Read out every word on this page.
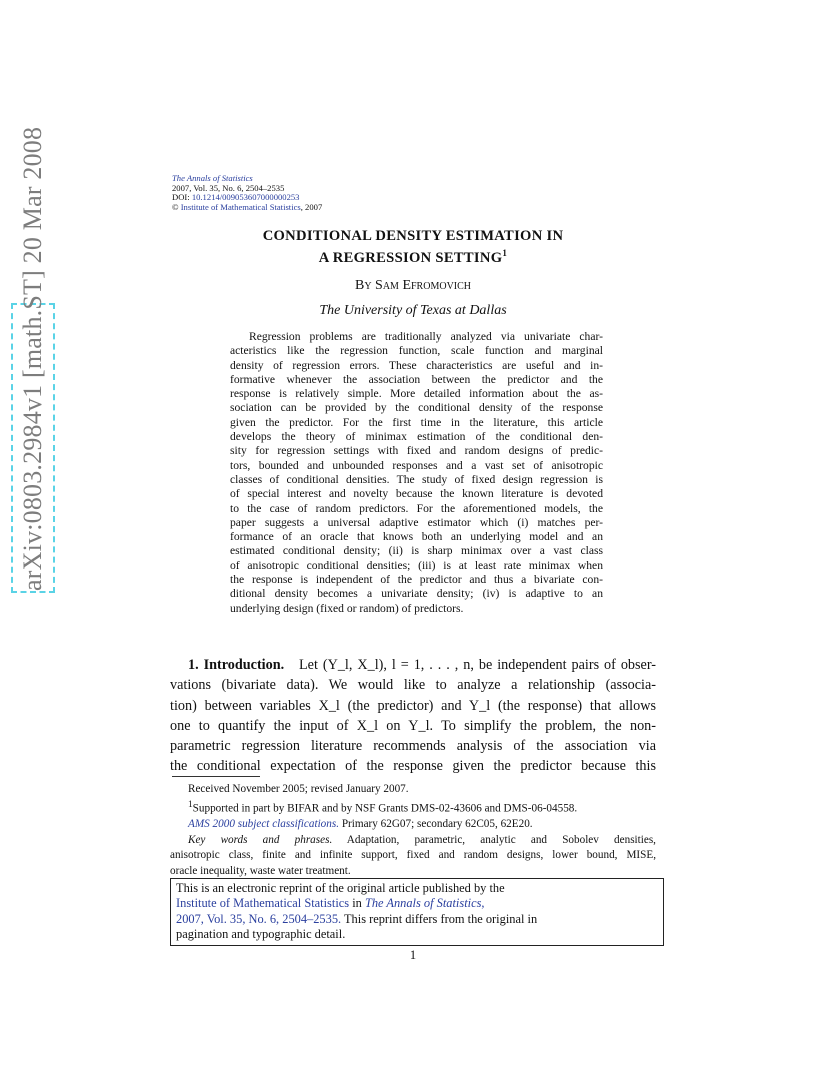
arXiv:0803.2984v1 [math.ST] 20 Mar 2008	The Annals of Statistics
2007, Vol. 35, No. 6, 2504–2535
DOI: 10.1214/009053607000000253
© Institute of Mathematical Statistics, 2007
CONDITIONAL DENSITY ESTIMATION IN
A REGRESSION SETTING$^1$
By Sam Efromovich
The University of Texas at Dallas
Regression problems are traditionally analyzed via univariate char-
acteristics like the regression function, scale function and marginal
density of regression errors. These characteristics are useful and in-
formative whenever the association between the predictor and the
response is relatively simple. More detailed information about the as-
sociation can be provided by the conditional density of the response
given the predictor. For the first time in the literature, this article
develops the theory of minimax estimation of the conditional den-
sity for regression settings with fixed and random designs of predic-
tors, bounded and unbounded responses and a vast set of anisotropic
classes of conditional densities. The study of fixed design regression is
of special interest and novelty because the known literature is devoted
to the case of random predictors. For the aforementioned models, the
paper suggests a universal adaptive estimator which (i) matches per-
formance of an oracle that knows both an underlying model and an
estimated conditional density; (ii) is sharp minimax over a vast class
of anisotropic conditional densities; (iii) is at least rate minimax when
the response is independent of the predictor and thus a bivariate con-
ditional density becomes a univariate density; (iv) is adaptive to an
underlying design (fixed or random) of predictors.
1. Introduction. Let (Y_l, X_l), l = 1, . . . , n, be independent pairs of obser-
vations (bivariate data). We would like to analyze a relationship (associa-
tion) between variables X_l (the predictor) and Y_l (the response) that allows
one to quantify the input of X_l on Y_l. To simplify the problem, the non-
parametric regression literature recommends analysis of the association via
the conditional expectation of the response given the predictor because this
Received November 2005; revised January 2007.
$^1$Supported in part by BIFAR and by NSF Grants DMS-02-43606 and DMS-06-04558.
AMS 2000 subject classifications. Primary 62G07; secondary 62C05, 62E20.
Key words and phrases. Adaptation, parametric, analytic and Sobolev densities,
anisotropic class, finite and infinite support, fixed and random designs, lower bound, MISE,
oracle inequality, waste water treatment.
This is an electronic reprint of the original article published by the
Institute of Mathematical Statistics in The Annals of Statistics,
2007, Vol. 35, No. 6, 2504–2535. This reprint differs from the original in
pagination and typographic detail.
1
